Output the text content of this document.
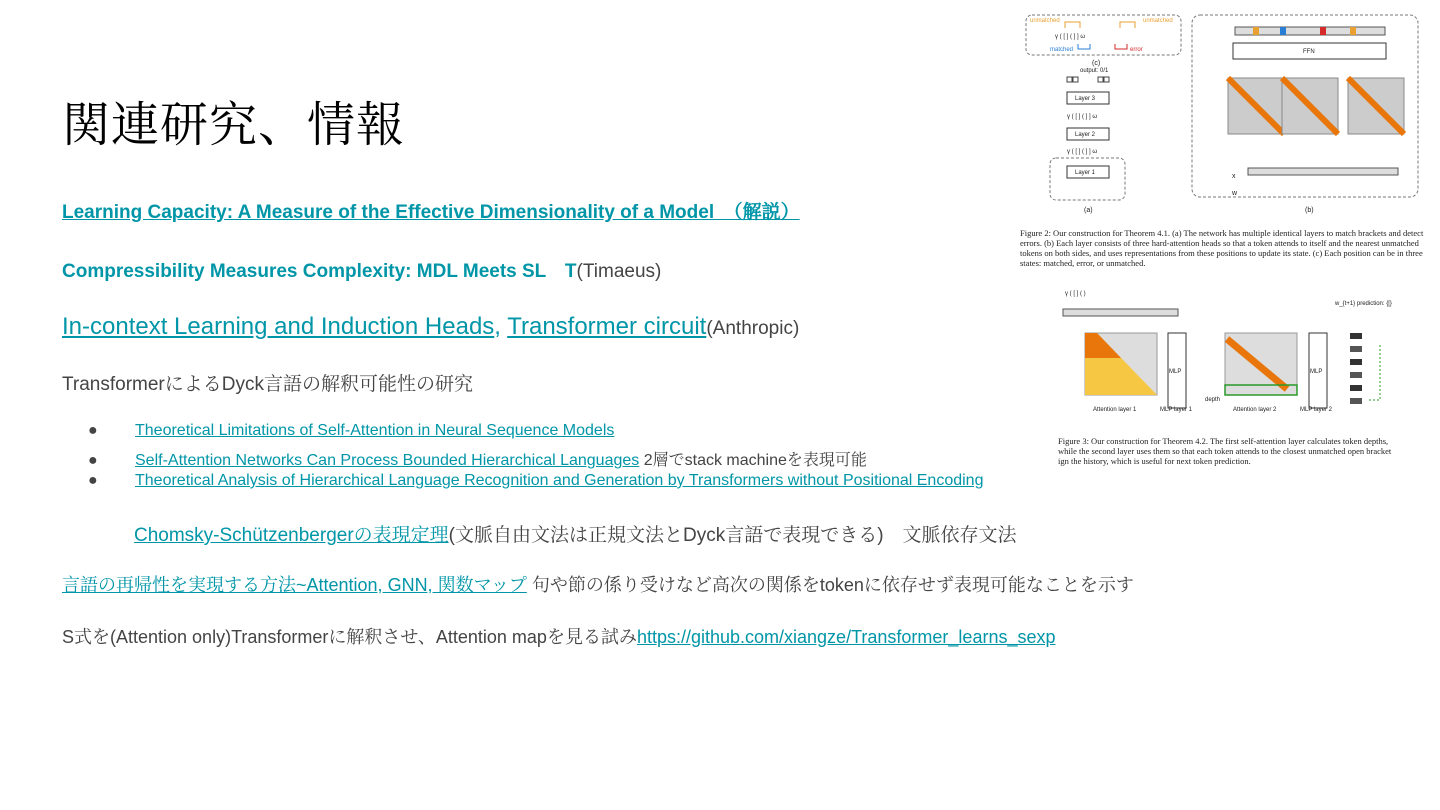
関連研究、情報
Learning Capacity: A Measure of the Effective Dimensionality of a Model　（解説）
Compressibility Measures Complexity: MDL Meets SL　T(Timaeus)
In-context Learning and Induction Heads, Transformer circuit(Anthropic)
TransformerによるDyck言語の解釈可能性の研究
● Theoretical Limitations of Self-Attention in Neural Sequence Models
● Self-Attention Networks Can Process Bounded Hierarchical Languages 2層でstack machineを表現可能
● Theoretical Analysis of Hierarchical Language Recognition and Generation by Transformers without Positional Encoding
Chomsky-Schützenbergerの表現定理(文脈自由文法は正規文法とDyck言語で表現できる)　文脈依存文法
言語の再帰性を実現する方法~Attention, GNN, 関数マップ 句や節の係り受けなど高次の関係をtokenに依存せず表現可能なことを示す
S式を(Attention only)Transformerに解釈させ、Attention mapを見る試みhttps://github.com/xiangze/Transformer_learns_sexp
unmatched	unmatched
γ ( [ ] ( ] ] ω
matched	error
(c)
output: 0/1
Layer 3
γ ( [ ] ( ] ] ω
Layer 2
γ ( [ ] ( ] ] ω
Layer 1
(a)
FFN
x
w
(b)
Figure 2: Our construction for Theorem 4.1. (a) The network has multiple identical layers to match brackets and detect errors. (b) Each layer consists of three hard-attention heads so that a token attends to itself and the nearest unmatched tokens on both sides, and uses representations from these positions to update its state. (c) Each position can be in three states: matched, error, or unmatched.
γ ( [ ] ( )
Attention layer 1
MLP
MLP layer 1
depth
Attention layer 2
MLP
MLP layer 2
w_{t+1} prediction: {[}
Figure 3: Our construction for Theorem 4.2. The first self-attention layer calculates token depths, while the second layer uses them so that each token attends to the closest unmatched open bracket ign the history, which is useful for next token prediction.
